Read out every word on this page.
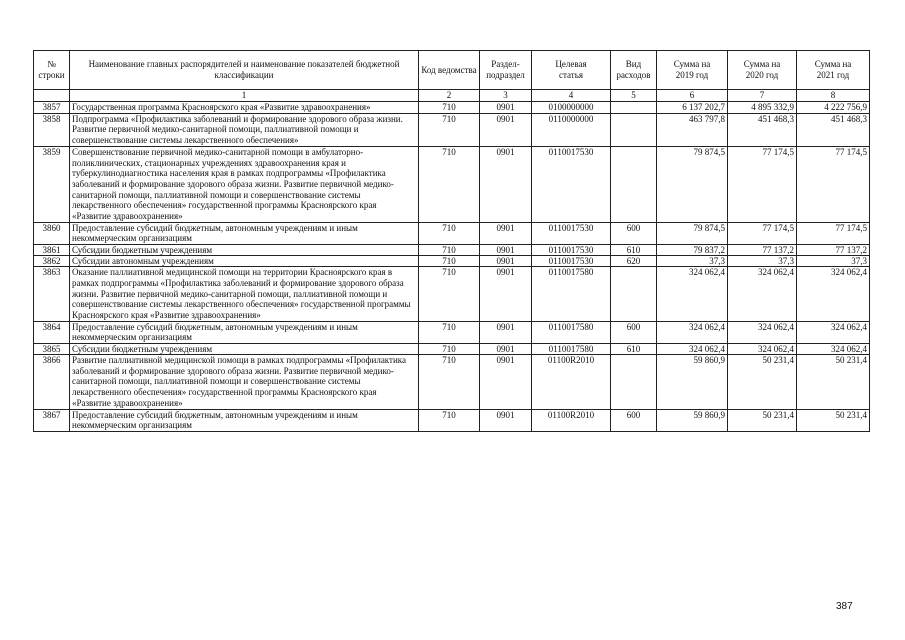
№ строки	Наименование главных распорядителей и наименование показателей бюджетной классификации	Код ведомства	Раздел-подраздел	Целевая статья	Вид расходов	Сумма на 2019 год	Сумма на 2020 год	Сумма на 2021 год
	1	2	3	4	5	6	7	8
3857	Государственная программа Красноярского края «Развитие здравоохранения»	710	0901	0100000000		6 137 202,7	4 895 332,9	4 222 756,9
3858	Подпрограмма «Профилактика заболеваний и формирование здорового образа жизни. Развитие первичной медико-санитарной помощи, паллиативной помощи и совершенствование системы лекарственного обеспечения»	710	0901	0110000000		463 797,8	451 468,3	451 468,3
3859	Совершенствование первичной медико-санитарной помощи в амбулаторно-поликлинических, стационарных учреждениях здравоохранения края и туберкулинодиагностика населения края в рамках подпрограммы «Профилактика заболеваний и формирование здорового образа жизни. Развитие первичной медико-санитарной помощи, паллиативной помощи и совершенствование системы лекарственного обеспечения» государственной программы Красноярского края «Развитие здравоохранения»	710	0901	0110017530		79 874,5	77 174,5	77 174,5
3860	Предоставление субсидий бюджетным, автономным учреждениям и иным некоммерческим организациям	710	0901	0110017530	600	79 874,5	77 174,5	77 174,5
3861	Субсидии бюджетным учреждениям	710	0901	0110017530	610	79 837,2	77 137,2	77 137,2
3862	Субсидии автономным учреждениям	710	0901	0110017530	620	37,3	37,3	37,3
3863	Оказание паллиативной медицинской помощи на территории Красноярского края в рамках подпрограммы «Профилактика заболеваний и формирование здорового образа жизни. Развитие первичной медико-санитарной помощи, паллиативной помощи и совершенствование системы лекарственного обеспечения» государственной программы Красноярского края «Развитие здравоохранения»	710	0901	0110017580		324 062,4	324 062,4	324 062,4
3864	Предоставление субсидий бюджетным, автономным учреждениям и иным некоммерческим организациям	710	0901	0110017580	600	324 062,4	324 062,4	324 062,4
3865	Субсидии бюджетным учреждениям	710	0901	0110017580	610	324 062,4	324 062,4	324 062,4
3866	Развитие паллиативной медицинской помощи в рамках подпрограммы «Профилактика заболеваний и формирование здорового образа жизни. Развитие первичной медико-санитарной помощи, паллиативной помощи и совершенствование системы лекарственного обеспечения» государственной программы Красноярского края «Развитие здравоохранения»	710	0901	01100R2010		59 860,9	50 231,4	50 231,4
3867	Предоставление субсидий бюджетным, автономным учреждениям и иным некоммерческим организациям	710	0901	01100R2010	600	59 860,9	50 231,4	50 231,4
387
